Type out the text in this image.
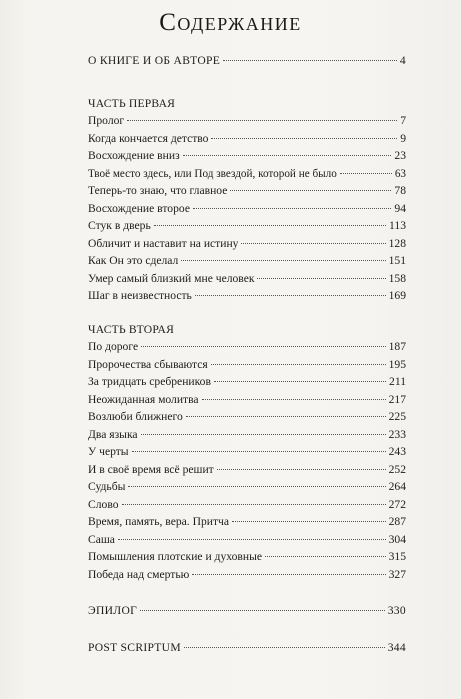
Содержание
О КНИГЕ И ОБ АВТОРЕ	4
ЧАСТЬ ПЕРВАЯ
Пролог	7
Когда кончается детство	9
Восхождение вниз	23
Твоё место здесь, или Под звездой, которой не было	63
Теперь-то знаю, что главное	78
Восхождение второе	94
Стук в дверь	113
Обличит и наставит на истину	128
Как Он это сделал	151
Умер самый близкий мне человек	158
Шаг в неизвестность	169
ЧАСТЬ ВТОРАЯ
По дороге	187
Пророчества сбываются	195
За тридцать сребреников	211
Неожиданная молитва	217
Возлюби ближнего	225
Два языка	233
У черты	243
И в своё время всё решит	252
Судьбы	264
Слово	272
Время, память, вера. Притча	287
Саша	304
Помышления плотские и духовные	315
Победа над смертью	327
ЭПИЛОГ	330
POST SCRIPTUM	344
